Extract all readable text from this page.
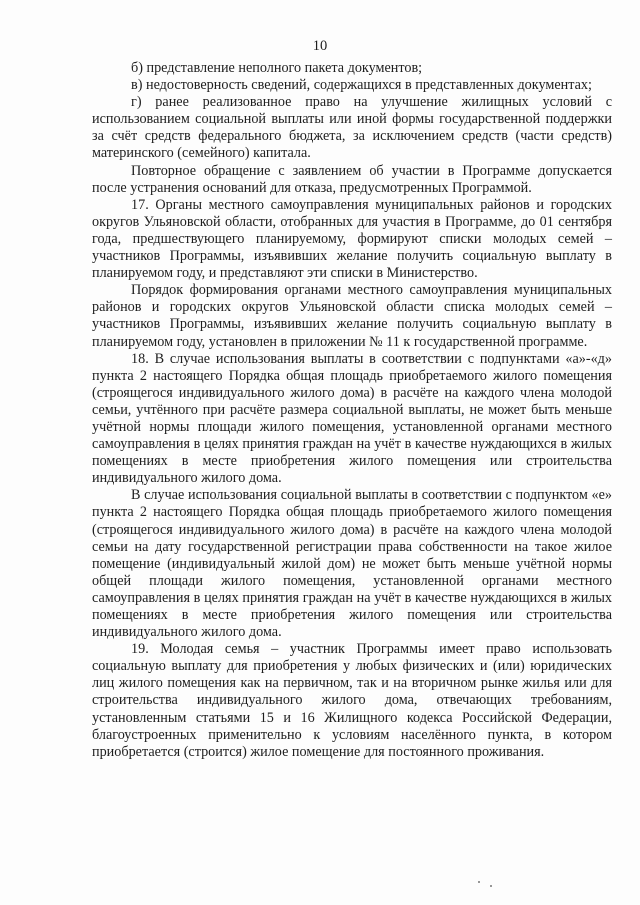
10

б) представление неполного пакета документов;

в) недостоверность сведений, содержащихся в представленных документах;

г) ранее реализованное право на улучшение жилищных условий с использованием социальной выплаты или иной формы государственной поддержки за счёт средств федерального бюджета, за исключением средств (части средств) материнского (семейного) капитала.

Повторное обращение с заявлением об участии в Программе допускается после устранения оснований для отказа, предусмотренных Программой.

17. Органы местного самоуправления муниципальных районов и городских округов Ульяновской области, отобранных для участия в Программе, до 01 сентября года, предшествующего планируемому, формируют списки молодых семей – участников Программы, изъявивших желание получить социальную выплату в планируемом году, и представляют эти списки в Министерство.

Порядок формирования органами местного самоуправления муниципальных районов и городских округов Ульяновской области списка молодых семей – участников Программы, изъявивших желание получить социальную выплату в планируемом году, установлен в приложении № 11 к государственной программе.

18. В случае использования выплаты в соответствии с подпунктами «а»-«д» пункта 2 настоящего Порядка общая площадь приобретаемого жилого помещения (строящегося индивидуального жилого дома) в расчёте на каждого члена молодой семьи, учтённого при расчёте размера социальной выплаты, не может быть меньше учётной нормы площади жилого помещения, установленной органами местного самоуправления в целях принятия граждан на учёт в качестве нуждающихся в жилых помещениях в месте приобретения жилого помещения или строительства индивидуального жилого дома.

В случае использования социальной выплаты в соответствии с подпунктом «е» пункта 2 настоящего Порядка общая площадь приобретаемого жилого помещения (строящегося индивидуального жилого дома) в расчёте на каждого члена молодой семьи на дату государственной регистрации права собственности на такое жилое помещение (индивидуальный жилой дом) не может быть меньше учётной нормы общей площади жилого помещения, установленной органами местного самоуправления в целях принятия граждан на учёт в качестве нуждающихся в жилых помещениях в месте приобретения жилого помещения или строительства индивидуального жилого дома.

19. Молодая семья – участник Программы имеет право использовать социальную выплату для приобретения у любых физических и (или) юридических лиц жилого помещения как на первичном, так и на вторичном рынке жилья или для строительства индивидуального жилого дома, отвечающих требованиям, установленным статьями 15 и 16 Жилищного кодекса Российской Федерации, благоустроенных применительно к условиям населённого пункта, в котором приобретается (строится) жилое помещение для постоянного проживания.
